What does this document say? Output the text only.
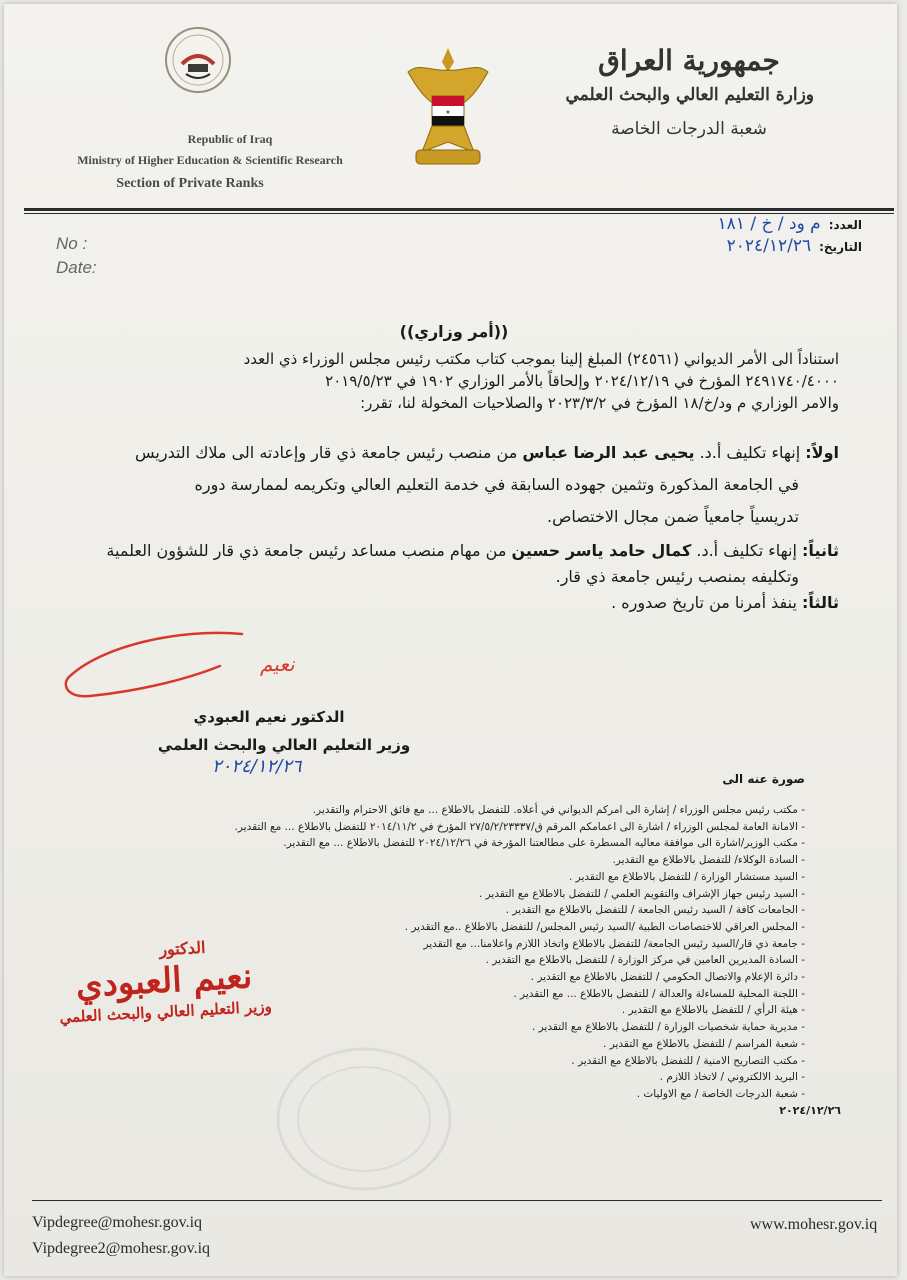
Republic of Iraq
Ministry of Higher Education & Scientific Research
Section of Private Ranks
★
جمهورية العراق
وزارة التعليم العالي والبحث العلمي
شعبة الدرجات الخاصة
العدد:
م ود / خ / ١٨١
التاريخ:
٢٠٢٤/١٢/٢٦
No :
Date:
((أمر وزاري))
استناداً الى الأمر الديواني (٢٤٥٦١) المبلغ إلينا بموجب كتاب مكتب رئيس مجلس الوزراء ذي العدد
٢٤٩١٧٤٠/٤٠٠٠ المؤرخ في ٢٠٢٤/١٢/١٩ وإلحاقاً بالأمر الوزاري ١٩٠٢ في ٢٠١٩/٥/٢٣
والامر الوزاري م ود/خ/١٨ المؤرخ في ٢٠٢٣/٣/٢ والصلاحيات المخولة لنا، تقرر:
اولاً: إنهاء تكليف أ.د. يحيى عبد الرضا عباس من منصب رئيس جامعة ذي قار وإعادته الى ملاك التدريس
في الجامعة المذكورة وتثمين جهوده السابقة في خدمة التعليم العالي وتكريمه لممارسة دوره
تدريسياً جامعياً ضمن مجال الاختصاص.
ثانياً: إنهاء تكليف أ.د. كمال حامد ياسر حسين من مهام منصب مساعد رئيس جامعة ذي قار للشؤون العلمية
وتكليفه بمنصب رئيس جامعة ذي قار.
ثالثاً: ينفذ أمرنا من تاريخ صدوره .
نعيم
الدكتور نعيم العبودي
وزير التعليم العالي والبحث العلمي
٢٠٢٤/١٢/٢٦
صورة عنه الى
- مكتب رئيس مجلس الوزراء / إشارة الى امركم الديواني في أعلاه. للتفضل بالاطلاع ... مع فائق الاحترام والتقدير.
- الامانة العامة لمجلس الوزراء / اشارة الى اعمامكم المرقم ق/٢٧/٥/٢/٢٣٣٣٧ المؤرخ في ٢٠١٤/١١/٢ للتفضل بالاطلاع ... مع التقدير.
- مكتب الوزير/اشارة الى موافقة معاليه المسطرة على مطالعتنا المؤرخة في ٢٠٢٤/١٢/٢٦ للتفضل بالاطلاع ... مع التقدير.
- السادة الوكلاء/ للتفضل بالاطلاع مع التقدير.
- السيد مستشار الوزارة / للتفضل بالاطلاع مع التقدير .
- السيد رئيس جهاز الإشراف والتقويم العلمي / للتفضل بالاطلاع مع التقدير .
- الجامعات كافة / السيد رئيس الجامعة / للتفضل بالاطلاع مع التقدير .
- المجلس العراقي للاختصاصات الطبية /السيد رئيس المجلس/ للتفضل بالاطلاع ..مع التقدير .
- جامعة ذي قار/السيد رئيس الجامعة/ للتفضل بالاطلاع واتخاذ اللازم واعلامنا... مع التقدير
- السادة المديرين العامين في مركز الوزارة / للتفضل بالاطلاع مع التقدير .
- دائرة الإعلام والاتصال الحكومي / للتفضل بالاطلاع مع التقدير .
- اللجنة المحلية للمساءلة والعدالة / للتفضل بالاطلاع ... مع التقدير .
- هيئة الرأي / للتفضل بالاطلاع مع التقدير .
- مديرية حماية شخصيات الوزارة / للتفضل بالاطلاع مع التقدير .
- شعبة المراسم / للتفضل بالاطلاع مع التقدير .
- مكتب التصاريح الامنية / للتفضل بالاطلاع مع التقدير .
- البريد الالكتروني / لاتخاذ اللازم .
- شعبة الدرجات الخاصة / مع الاوليات .
٢٠٢٤/١٢/٢٦
الدكتور
نعيم العبودي
وزير التعليم العالي والبحث العلمي
Vipdegree@mohesr.gov.iq
Vipdegree2@mohesr.gov.iq
www.mohesr.gov.iq
